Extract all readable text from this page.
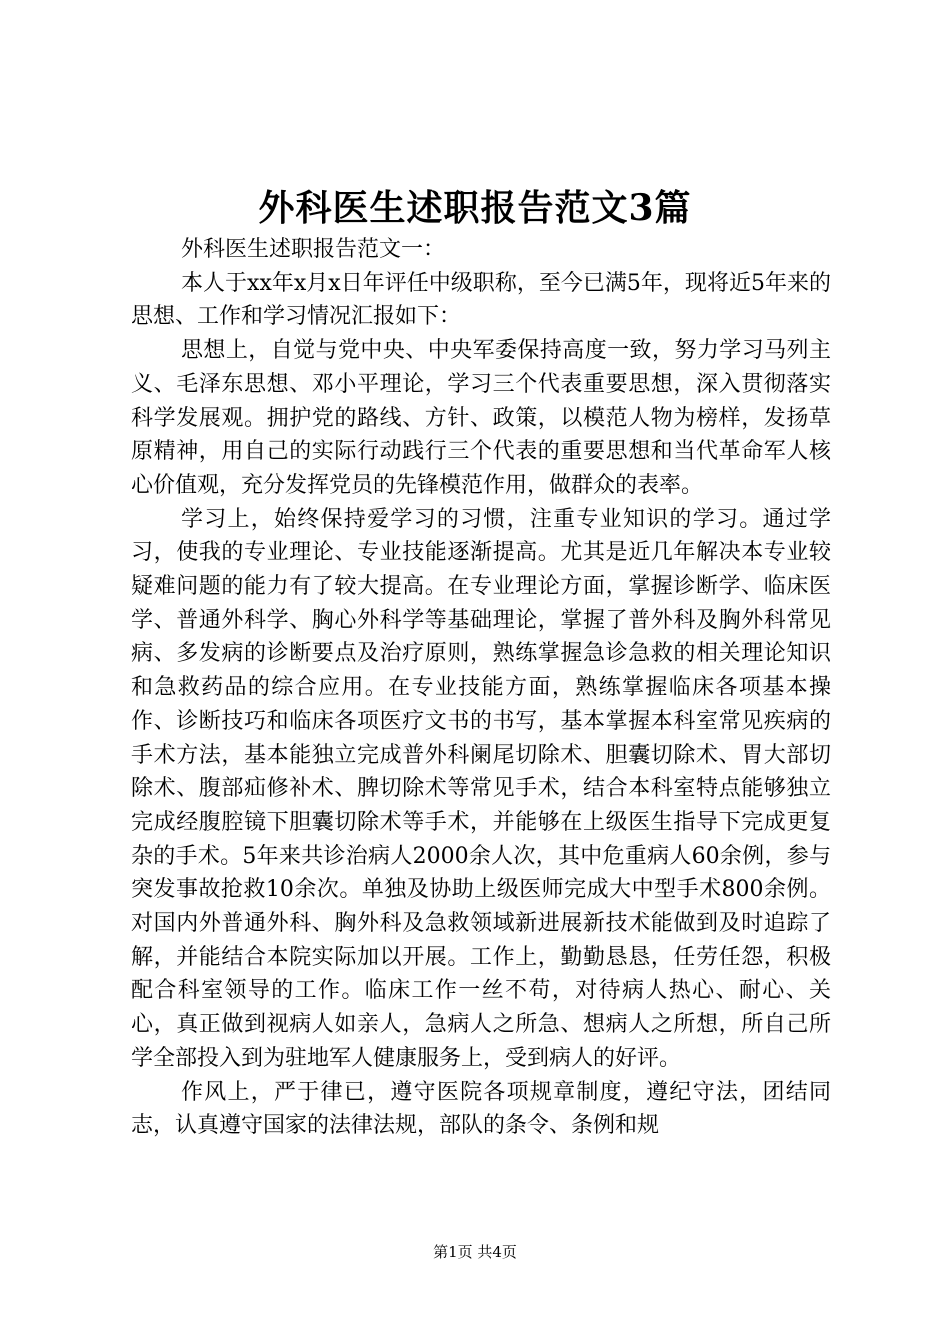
外科医生述职报告范文3篇

外科医生述职报告范文一：

本人于xx年x月x日年评任中级职称，至今已满5年，现将近5年来的思想、工作和学习情况汇报如下：

思想上，自觉与党中央、中央军委保持高度一致，努力学习马列主义、毛泽东思想、邓小平理论，学习三个代表重要思想，深入贯彻落实科学发展观。拥护党的路线、方针、政策，以模范人物为榜样，发扬草原精神，用自己的实际行动践行三个代表的重要思想和当代革命军人核心价值观，充分发挥党员的先锋模范作用，做群众的表率。

学习上，始终保持爱学习的习惯，注重专业知识的学习。通过学习，使我的专业理论、专业技能逐渐提高。尤其是近几年解决本专业较疑难问题的能力有了较大提高。在专业理论方面，掌握诊断学、临床医学、普通外科学、胸心外科学等基础理论，掌握了普外科及胸外科常见病、多发病的诊断要点及治疗原则，熟练掌握急诊急救的相关理论知识和急救药品的综合应用。在专业技能方面，熟练掌握临床各项基本操作、诊断技巧和临床各项医疗文书的书写，基本掌握本科室常见疾病的手术方法，基本能独立完成普外科阑尾切除术、胆囊切除术、胃大部切除术、腹部疝修补术、脾切除术等常见手术，结合本科室特点能够独立完成经腹腔镜下胆囊切除术等手术，并能够在上级医生指导下完成更复杂的手术。5年来共诊治病人2000余人次，其中危重病人60余例，参与突发事故抢救10余次。单独及协助上级医师完成大中型手术800余例。对国内外普通外科、胸外科及急救领域新进展新技术能做到及时追踪了解，并能结合本院实际加以开展。工作上，勤勤恳恳，任劳任怨，积极配合科室领导的工作。临床工作一丝不苟，对待病人热心、耐心、关心，真正做到视病人如亲人，急病人之所急、想病人之所想，所自己所学全部投入到为驻地军人健康服务上，受到病人的好评。

作风上，严于律已，遵守医院各项规章制度，遵纪守法，团结同志，认真遵守国家的法律法规，部队的条令、条例和规

第1页 共4页
